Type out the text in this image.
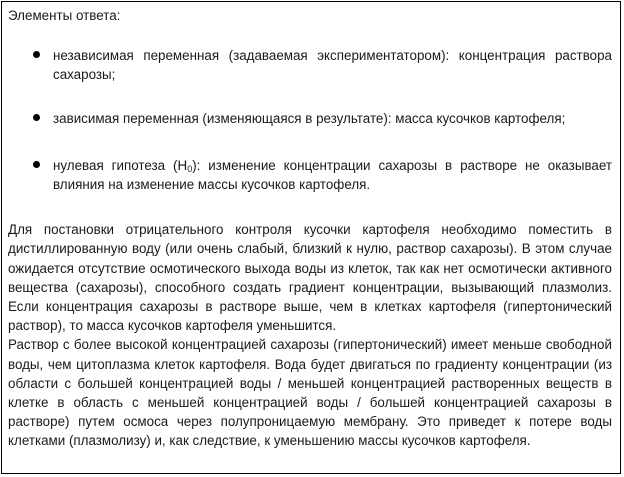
Элементы ответа:

независимая переменная (задаваемая экспериментатором): концентрация раствора сахарозы;
зависимая переменная (изменяющаяся в результате): масса кусочков картофеля;
нулевая гипотеза $(H_0)$: изменение концентрации сахарозы в растворе не оказывает влияния на изменение массы кусочков картофеля.

Для постановки отрицательного контроля кусочки картофеля необходимо поместить в дистиллированную воду (или очень слабый, близкий к нулю, раствор сахарозы). В этом случае ожидается отсутствие осмотического выхода воды из клеток, так как нет осмотически активного вещества (сахарозы), способного создать градиент концентрации, вызывающий плазмолиз. Если концентрация сахарозы в растворе выше, чем в клетках картофеля (гипертонический раствор), то масса кусочков картофеля уменьшится.

Раствор с более высокой концентрацией сахарозы (гипертонический) имеет меньше свободной воды, чем цитоплазма клеток картофеля. Вода будет двигаться по градиенту концентрации (из области с большей концентрацией воды / меньшей концентрацией растворенных веществ в клетке в область с меньшей концентрацией воды / большей концентрацией сахарозы в растворе) путем осмоса через полупроницаемую мембрану. Это приведет к потере воды клетками (плазмолизу) и, как следствие, к уменьшению массы кусочков картофеля.
